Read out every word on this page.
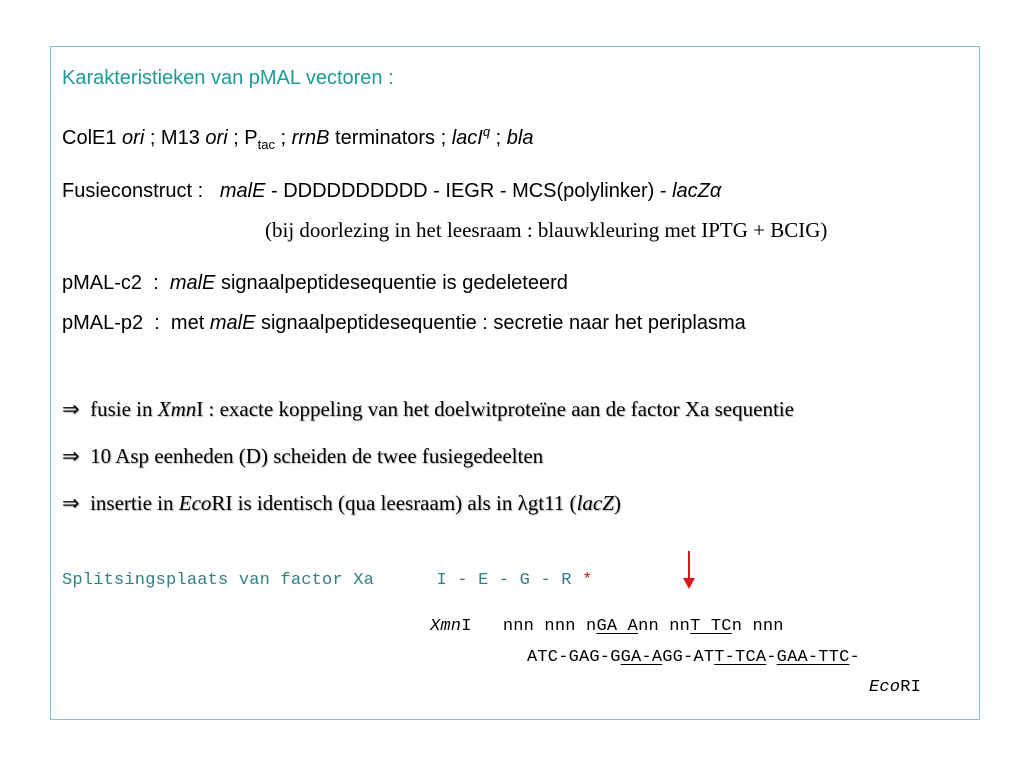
Karakteristieken van pMAL vectoren :
ColE1 ori ; M13 ori ; $P_{tac}$ ; rrnB terminators ; lacI$^q$ ; bla
Fusieconstruct :   malE - DDDDDDDDDD - IEGR - MCS(polylinker) - lacZα
(bij doorlezing in het leesraam : blauwkleuring met IPTG + BCIG)
pMAL-c2  :  malE signaalpeptidesequentie is gedeleteerd
pMAL-p2  :  met malE signaalpeptidesequentie : secretie naar het periplasma
⇒  fusie in XmnI : exacte koppeling van het doelwitproteïne aan de factor Xa sequentie
⇒  10 Asp eenheden (D) scheiden de twee fusiegedeelten
⇒  insertie in EcoRI is identisch (qua leesraam) als in λgt11 (lacZ)
Splitsingsplaats van factor Xa      I - E - G - R *
XmnI   nnn nnn nGA Ann nnT TCn nnn
ATC-GAG-GGA-AGG-ATT-TCA-GAA-TTC-
EcoRI
